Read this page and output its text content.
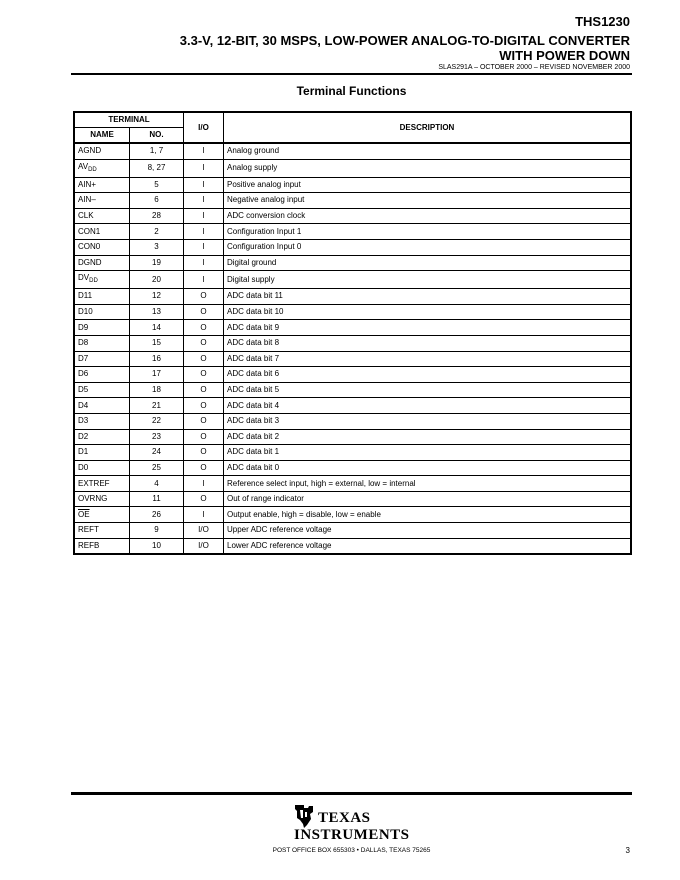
THS1230
3.3-V, 12-BIT, 30 MSPS, LOW-POWER ANALOG-TO-DIGITAL CONVERTER
WITH POWER DOWN
SLAS291A – OCTOBER 2000 – REVISED NOVEMBER 2000
Terminal Functions
TERMINAL		I/O	DESCRIPTION
NAME	NO.		
AGND	1, 7	I	Analog ground
$AV_{DD}$	8, 27	I	Analog supply
AIN+	5	I	Positive analog input
AIN–	6	I	Negative analog input
CLK	28	I	ADC conversion clock
CON1	2	I	Configuration Input 1
CON0	3	I	Configuration Input 0
DGND	19	I	Digital ground
$DV_{DD}$	20	I	Digital supply
D11	12	O	ADC data bit 11
D10	13	O	ADC data bit 10
D9	14	O	ADC data bit 9
D8	15	O	ADC data bit 8
D7	16	O	ADC data bit 7
D6	17	O	ADC data bit 6
D5	18	O	ADC data bit 5
D4	21	O	ADC data bit 4
D3	22	O	ADC data bit 3
D2	23	O	ADC data bit 2
D1	24	O	ADC data bit 1
D0	25	O	ADC data bit 0
EXTREF	4	I	Reference select input, high = external, low = internal
OVRNG	11	O	Out of range indicator
$\overline{OE}$	26	I	Output enable, high = disable, low = enable
REFT	9	I/O	Upper ADC reference voltage
REFB	10	I/O	Lower ADC reference voltage
TEXAS
INSTRUMENTS
POST OFFICE BOX 655303 • DALLAS, TEXAS 75265	3
